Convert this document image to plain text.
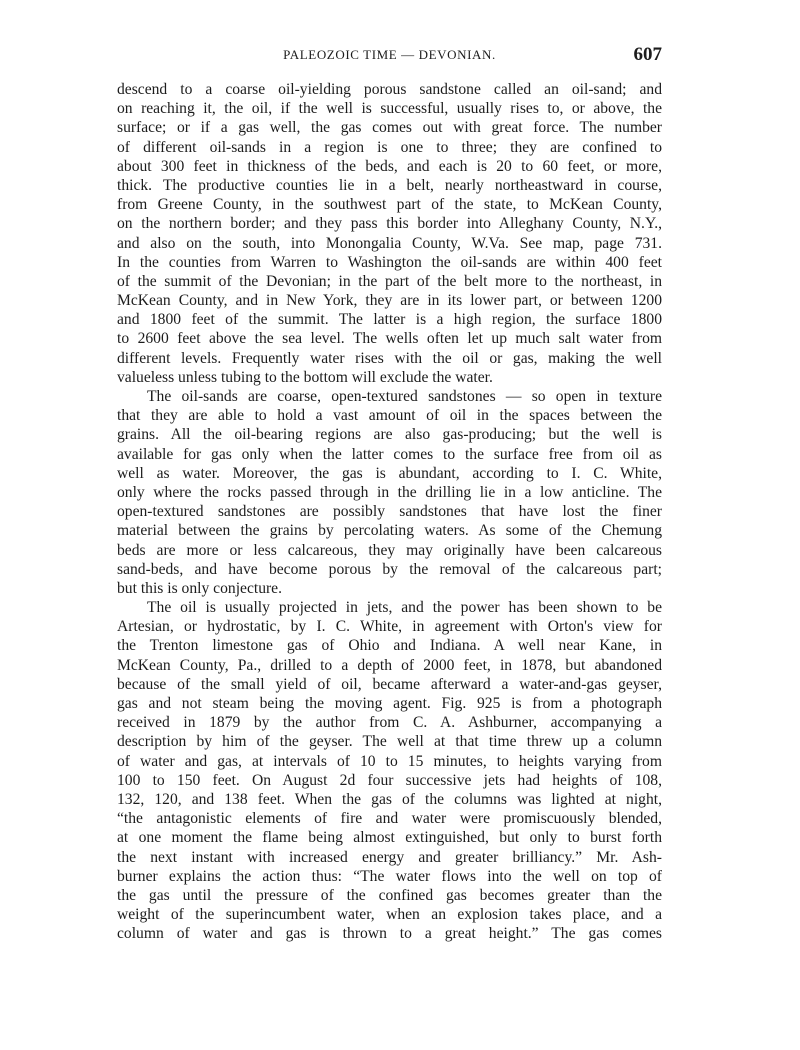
PALEOZOIC TIME — DEVONIAN.	607
descend to a coarse oil-yielding porous sandstone called an oil-sand; and
on reaching it, the oil, if the well is successful, usually rises to, or above, the
surface; or if a gas well, the gas comes out with great force. The number
of different oil-sands in a region is one to three; they are confined to
about 300 feet in thickness of the beds, and each is 20 to 60 feet, or more,
thick. The productive counties lie in a belt, nearly northeastward in course,
from Greene County, in the southwest part of the state, to McKean County,
on the northern border; and they pass this border into Alleghany County, N.Y.,
and also on the south, into Monongalia County, W.Va. See map, page 731.
In the counties from Warren to Washington the oil-sands are within 400 feet
of the summit of the Devonian; in the part of the belt more to the northeast, in
McKean County, and in New York, they are in its lower part, or between 1200
and 1800 feet of the summit. The latter is a high region, the surface 1800
to 2600 feet above the sea level. The wells often let up much salt water from
different levels. Frequently water rises with the oil or gas, making the well
valueless unless tubing to the bottom will exclude the water.
The oil-sands are coarse, open-textured sandstones — so open in texture
that they are able to hold a vast amount of oil in the spaces between the
grains. All the oil-bearing regions are also gas-producing; but the well is
available for gas only when the latter comes to the surface free from oil as
well as water. Moreover, the gas is abundant, according to I. C. White,
only where the rocks passed through in the drilling lie in a low anticline. The
open-textured sandstones are possibly sandstones that have lost the finer
material between the grains by percolating waters. As some of the Chemung
beds are more or less calcareous, they may originally have been calcareous
sand-beds, and have become porous by the removal of the calcareous part;
but this is only conjecture.
The oil is usually projected in jets, and the power has been shown to be
Artesian, or hydrostatic, by I. C. White, in agreement with Orton's view for
the Trenton limestone gas of Ohio and Indiana. A well near Kane, in
McKean County, Pa., drilled to a depth of 2000 feet, in 1878, but abandoned
because of the small yield of oil, became afterward a water-and-gas geyser,
gas and not steam being the moving agent. Fig. 925 is from a photograph
received in 1879 by the author from C. A. Ashburner, accompanying a
description by him of the geyser. The well at that time threw up a column
of water and gas, at intervals of 10 to 15 minutes, to heights varying from
100 to 150 feet. On August 2d four successive jets had heights of 108,
132, 120, and 138 feet. When the gas of the columns was lighted at night,
“the antagonistic elements of fire and water were promiscuously blended,
at one moment the flame being almost extinguished, but only to burst forth
the next instant with increased energy and greater brilliancy.” Mr. Ash-
burner explains the action thus: “The water flows into the well on top of
the gas until the pressure of the confined gas becomes greater than the
weight of the superincumbent water, when an explosion takes place, and a
column of water and gas is thrown to a great height.” The gas comes
